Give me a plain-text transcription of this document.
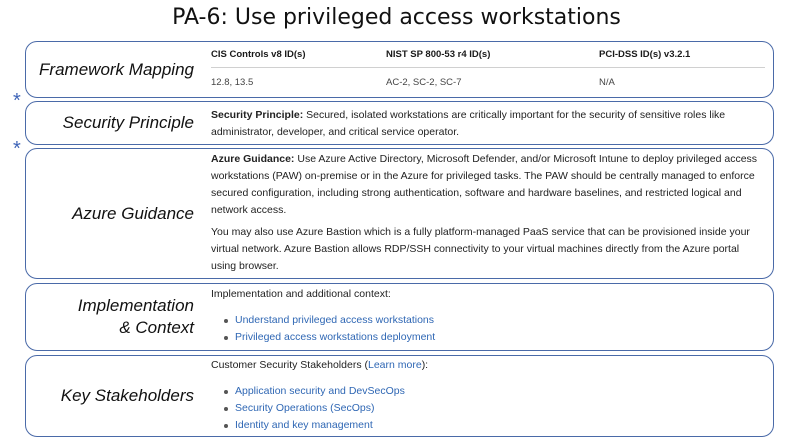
PA-6: Use privileged access workstations
Framework Mapping
CIS Controls v8 ID(s)	NIST SP 800-53 r4 ID(s)	PCI-DSS ID(s) v3.2.1
12.8, 13.5	AC-2, SC-2, SC-7	N/A
*
Security Principle	Security Principle: Secured, isolated workstations are critically important for the security of sensitive roles like administrator, developer, and critical service operator.
*
Azure Guidance

Azure Guidance: Use Azure Active Directory, Microsoft Defender, and/or Microsoft Intune to deploy privileged access workstations (PAW) on-premise or in the Azure for privileged tasks. The PAW should be centrally managed to enforce secured configuration, including strong authentication, software and hardware baselines, and restricted logical and network access.

You may also use Azure Bastion which is a fully platform-managed PaaS service that can be provisioned inside your virtual network. Azure Bastion allows RDP/SSH connectivity to your virtual machines directly from the Azure portal using browser.

Implementation
& Context
Implementation and additional context:
Understand privileged access workstations
Privileged access workstations deployment
Key Stakeholders
Customer Security Stakeholders (Learn more):
Application security and DevSecOps
Security Operations (SecOps)
Identity and key management
